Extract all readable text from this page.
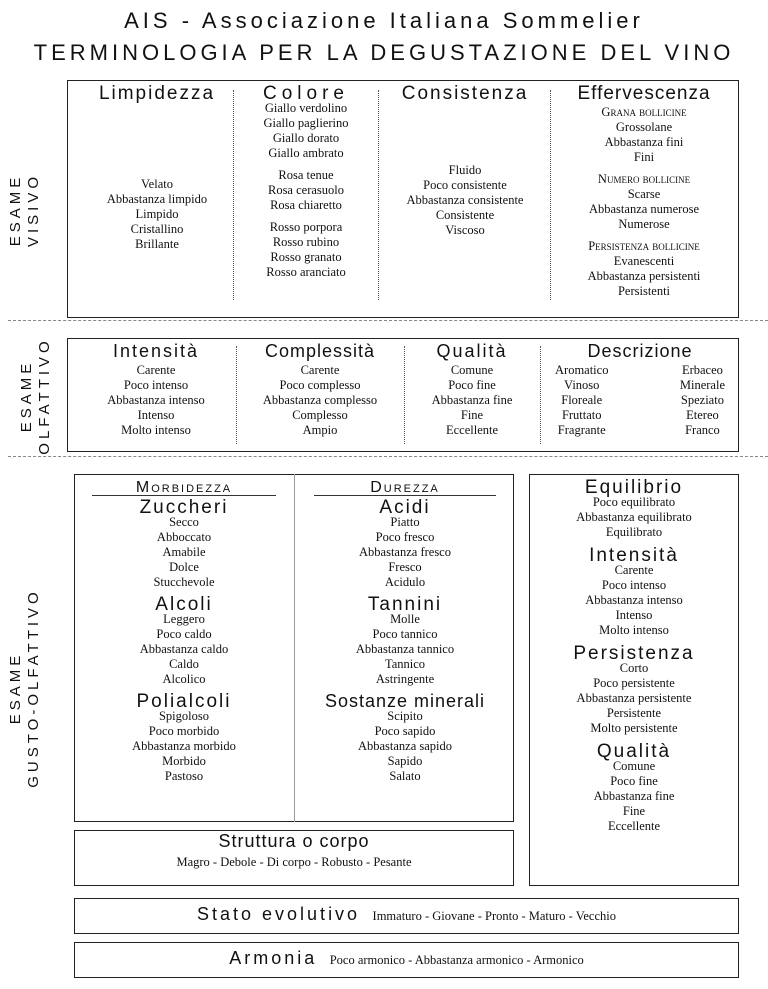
AIS - Associazione Italiana Sommelier
TERMINOLOGIA PER LA DEGUSTAZIONE DEL VINO
ESAME VISIVO
Limpidezza
Velato
Abbastanza limpido
Limpido
Cristallino
Brillante
Colore
Giallo verdolino
Giallo paglierino
Giallo dorato
Giallo ambrato
Rosa tenue
Rosa cerasuolo
Rosa chiaretto
Rosso porpora
Rosso rubino
Rosso granato
Rosso aranciato
Consistenza
Fluido
Poco consistente
Abbastanza consistente
Consistente
Viscoso
Effervescenza
Grana bollicine
Grossolane
Abbastanza fini
Fini
Numero bollicine
Scarse
Abbastanza numerose
Numerose
Persistenza bollicine
Evanescenti
Abbastanza persistenti
Persistenti
ESAME OLFATTIVO	Intensità
Carente
Poco intenso
Abbastanza intenso
Intenso
Molto intenso
Complessità
Carente
Poco complesso
Abbastanza complesso
Complesso
Ampio
Qualità
Comune
Poco fine
Abbastanza fine
Fine
Eccellente
Descrizione
Aromatico
Vinoso
Floreale
Fruttato
Fragrante
Erbaceo
Minerale
Speziato
Etereo
Franco
ESAME GUSTO-OLFATTIVO
Morbidezza
Zuccheri
Secco
Abboccato
Amabile
Dolce
Stucchevole
Alcoli
Leggero
Poco caldo
Abbastanza caldo
Caldo
Alcolico
Polialcoli
Spigoloso
Poco morbido
Abbastanza morbido
Morbido
Pastoso
Durezza
Acidi
Piatto
Poco fresco
Abbastanza fresco
Fresco
Acidulo
Tannini
Molle
Poco tannico
Abbastanza tannico
Tannico
Astringente
Sostanze minerali
Scipito
Poco sapido
Abbastanza sapido
Sapido
Salato
Struttura o corpo
Magro - Debole - Di corpo - Robusto - Pesante
Equilibrio
Poco equilibrato
Abbastanza equilibrato
Equilibrato
Intensità
Carente
Poco intenso
Abbastanza intenso
Intenso
Molto intenso
Persistenza
Corto
Poco persistente
Abbastanza persistente
Persistente
Molto persistente
Qualità
Comune
Poco fine
Abbastanza fine
Fine
Eccellente
Stato evolutivo Immaturo - Giovane - Pronto - Maturo - Vecchio
Armonia Poco armonico - Abbastanza armonico - Armonico
